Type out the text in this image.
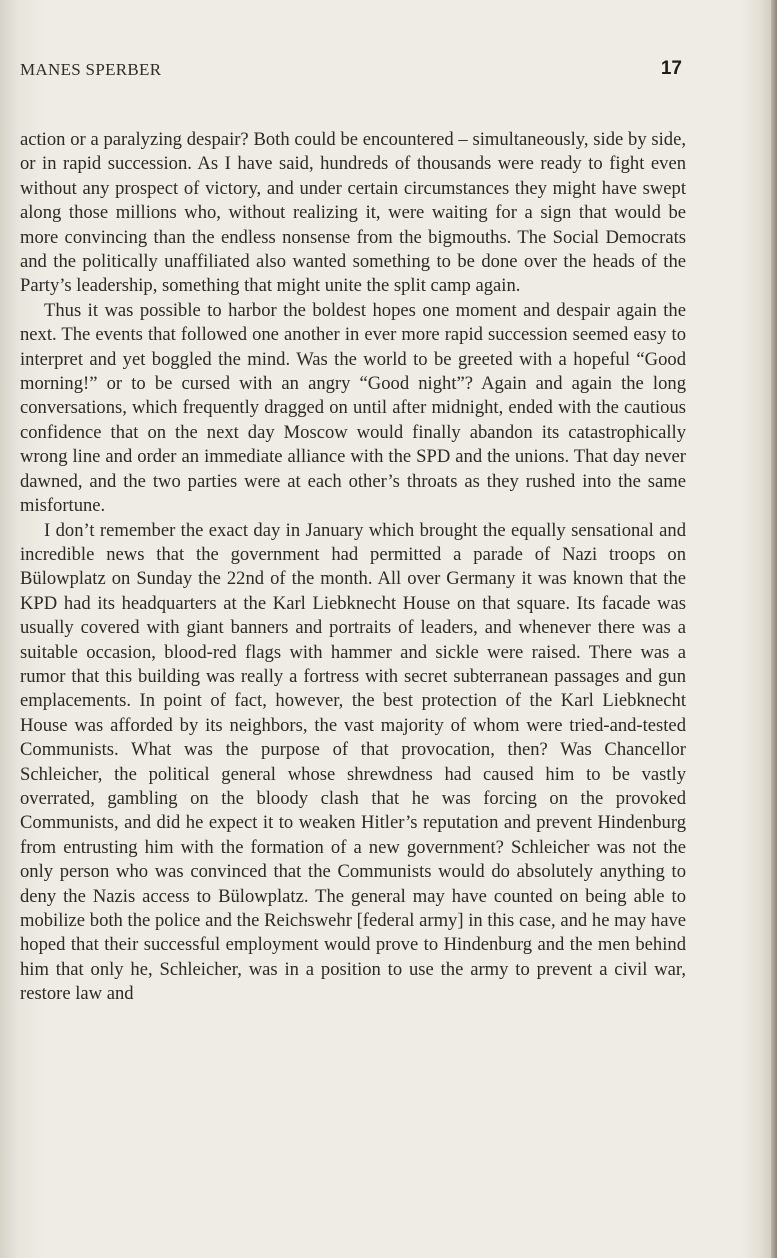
MANES SPERBER	17

action or a paralyzing despair? Both could be encountered – simultaneously, side by side, or in rapid succession. As I have said, hundreds of thousands were ready to fight even without any prospect of victory, and under certain circumstances they might have swept along those millions who, without realizing it, were waiting for a sign that would be more convincing than the endless nonsense from the bigmouths. The Social Democrats and the politically unaffiliated also wanted something to be done over the heads of the Party’s leadership, something that might unite the split camp again.

Thus it was possible to harbor the boldest hopes one moment and despair again the next. The events that followed one another in ever more rapid succession seemed easy to interpret and yet boggled the mind. Was the world to be greeted with a hopeful “Good morning!” or to be cursed with an angry “Good night”? Again and again the long conversations, which frequently dragged on until after midnight, ended with the cautious confidence that on the next day Moscow would finally abandon its catastrophically wrong line and order an immediate alliance with the SPD and the unions. That day never dawned, and the two parties were at each other’s throats as they rushed into the same misfortune.

I don’t remember the exact day in January which brought the equally sensational and incredible news that the government had permitted a parade of Nazi troops on Bülowplatz on Sunday the 22nd of the month. All over Germany it was known that the KPD had its headquarters at the Karl Liebknecht House on that square. Its facade was usually covered with giant banners and portraits of leaders, and whenever there was a suitable occasion, blood-red flags with hammer and sickle were raised. There was a rumor that this building was really a fortress with secret subterranean passages and gun emplacements. In point of fact, however, the best protection of the Karl Liebknecht House was afforded by its neighbors, the vast majority of whom were tried-and-tested Communists. What was the purpose of that provocation, then? Was Chancellor Schleicher, the political general whose shrewdness had caused him to be vastly overrated, gambling on the bloody clash that he was forcing on the provoked Communists, and did he expect it to weaken Hitler’s reputation and prevent Hindenburg from entrusting him with the formation of a new government? Schleicher was not the only person who was convinced that the Communists would do absolutely anything to deny the Nazis access to Bülowplatz. The general may have counted on being able to mobilize both the police and the Reichswehr [federal army] in this case, and he may have hoped that their successful employment would prove to Hindenburg and the men behind him that only he, Schleicher, was in a position to use the army to prevent a civil war, restore law and
